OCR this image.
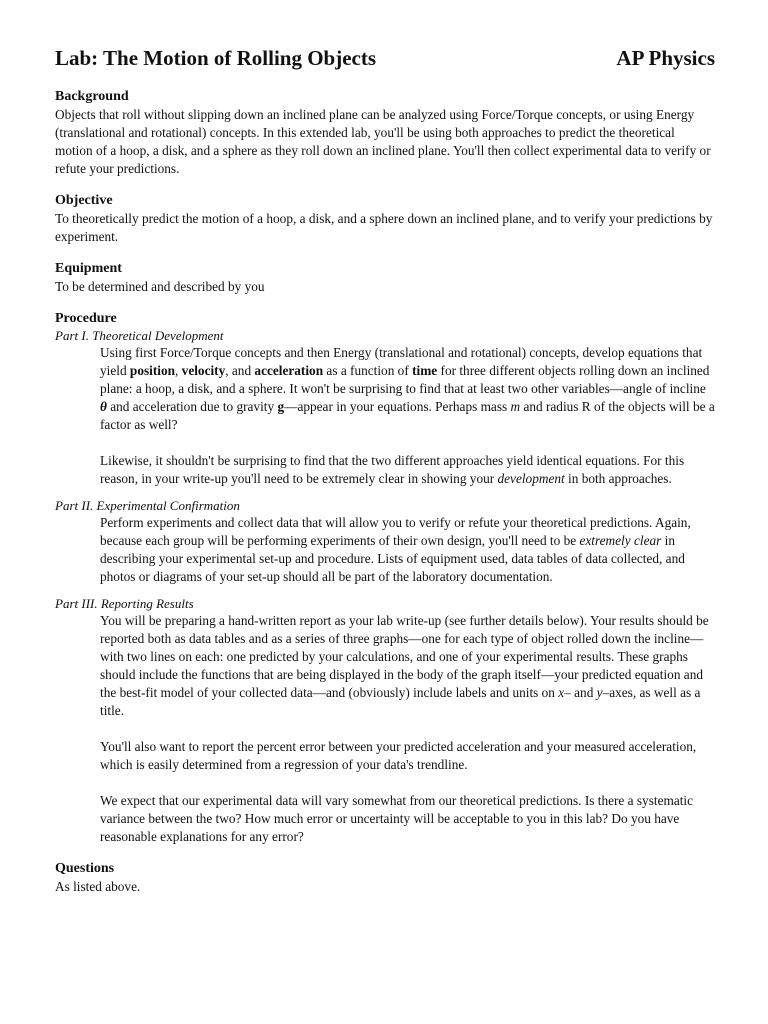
Lab: The Motion of Rolling Objects	AP Physics
Background
Objects that roll without slipping down an inclined plane can be analyzed using Force/Torque concepts, or using Energy (translational and rotational) concepts. In this extended lab, you'll be using both approaches to predict the theoretical motion of a hoop, a disk, and a sphere as they roll down an inclined plane. You'll then collect experimental data to verify or refute your predictions.
Objective
To theoretically predict the motion of a hoop, a disk, and a sphere down an inclined plane, and to verify your predictions by experiment.
Equipment
To be determined and described by you
Procedure
Part I. Theoretical Development
Using first Force/Torque concepts and then Energy (translational and rotational) concepts, develop equations that yield position, velocity, and acceleration as a function of time for three different objects rolling down an inclined plane: a hoop, a disk, and a sphere. It won't be surprising to find that at least two other variables—angle of incline θ and acceleration due to gravity g—appear in your equations. Perhaps mass m and radius R of the objects will be a factor as well?
Likewise, it shouldn't be surprising to find that the two different approaches yield identical equations. For this reason, in your write-up you'll need to be extremely clear in showing your development in both approaches.
Part II. Experimental Confirmation
Perform experiments and collect data that will allow you to verify or refute your theoretical predictions. Again, because each group will be performing experiments of their own design, you'll need to be extremely clear in describing your experimental set-up and procedure. Lists of equipment used, data tables of data collected, and photos or diagrams of your set-up should all be part of the laboratory documentation.
Part III. Reporting Results
You will be preparing a hand-written report as your lab write-up (see further details below). Your results should be reported both as data tables and as a series of three graphs—one for each type of object rolled down the incline—with two lines on each: one predicted by your calculations, and one of your experimental results. These graphs should include the functions that are being displayed in the body of the graph itself—your predicted equation and the best-fit model of your collected data—and (obviously) include labels and units on x– and y–axes, as well as a title.
You'll also want to report the percent error between your predicted acceleration and your measured acceleration, which is easily determined from a regression of your data's trendline.
We expect that our experimental data will vary somewhat from our theoretical predictions. Is there a systematic variance between the two? How much error or uncertainty will be acceptable to you in this lab? Do you have reasonable explanations for any error?
Questions
As listed above.
